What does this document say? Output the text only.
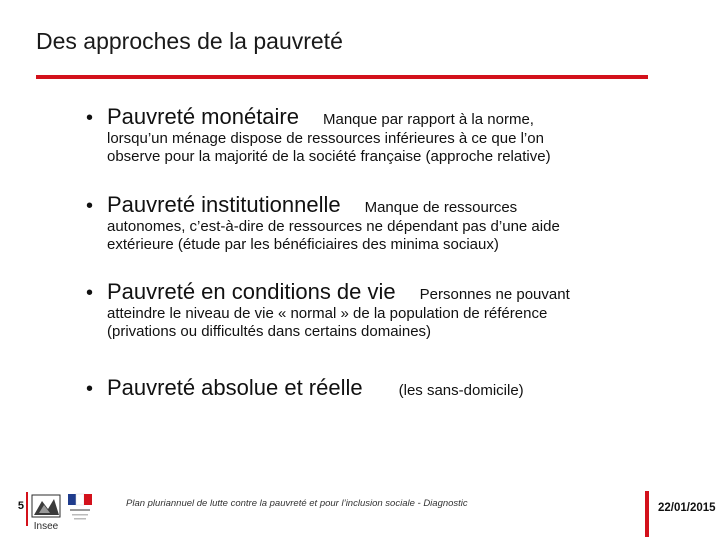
Des approches de la pauvreté
• Pauvreté monétaire Manque par rapport à la norme,
lorsqu’un ménage dispose de ressources inférieures à ce que l’on
observe pour la majorité de la société française (approche relative)
• Pauvreté institutionnelle Manque de ressources
autonomes, c’est-à-dire de ressources ne dépendant pas d’une aide
extérieure (étude par les bénéficiaires des minima sociaux)
• Pauvreté en conditions de vie Personnes ne pouvant
atteindre le niveau de vie « normal » de la population de référence
(privations ou difficultés dans certains domaines)
• Pauvreté absolue et réelle (les sans-domicile)
5
Insee
Plan pluriannuel de lutte contre la pauvreté et pour l’inclusion sociale - Diagnostic	22/01/2015
